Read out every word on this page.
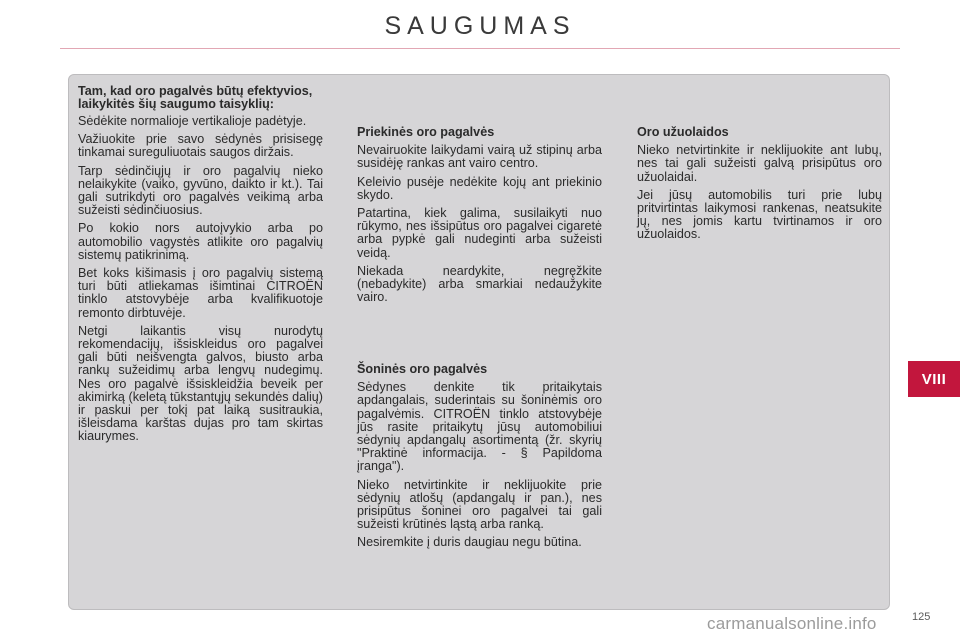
SAUGUMAS
Tam, kad oro pagalvės būtų efektyvios, laikykitės šių saugumo taisyklių:

Sėdėkite normalioje vertikalioje padėtyje.

Važiuokite prie savo sėdynės prisisegę tinkamai sureguliuotais saugos diržais.

Tarp sėdinčiųjų ir oro pagalvių nieko nelaikykite (vaiko, gyvūno, daikto ir kt.). Tai gali sutrikdyti oro pagalvės veikimą arba sužeisti sėdinčiuosius.

Po kokio nors autoįvykio arba po automobilio vagystės atlikite oro pagalvių sistemų patikrinimą.

Bet koks kišimasis į oro pagalvių sistemą turi būti atliekamas išimtinai CITROËN tinklo atstovybėje arba kvalifikuotoje remonto dirbtuvėje.

Netgi laikantis visų nurodytų rekomendacijų, išsiskleidus oro pagalvei gali būti neišvengta galvos, biusto arba rankų sužeidimų arba lengvų nudegimų. Nes oro pagalvė išsiskleidžia beveik per akimirką (keletą tūkstantųjų sekundės dalių) ir paskui per tokį pat laiką susitraukia, išleisdama karštas dujas pro tam skirtas kiaurymes.

Priekinės oro pagalvės

Nevairuokite laikydami vairą už stipinų arba susidėję rankas ant vairo centro.

Keleivio pusėje nedėkite kojų ant priekinio skydo.

Patartina, kiek galima, susilaikyti nuo rūkymo, nes išsipūtus oro pagalvei cigaretė arba pypkė gali nudeginti arba sužeisti veidą.

Niekada neardykite, negręžkite (nebadykite) arba smarkiai nedaužykite vairo.

Šoninės oro pagalvės

Sėdynes denkite tik pritaikytais apdangalais, suderintais su šoninėmis oro pagalvėmis. CITROËN tinklo atstovybėje jūs rasite pritaikytų jūsų automobiliui sėdynių apdangalų asortimentą (žr. skyrių "Praktinė informacija. - § Papildoma įranga").

Nieko netvirtinkite ir neklijuokite prie sėdynių atlošų (apdangalų ir pan.), nes prisipūtus šoninei oro pagalvei tai gali sužeisti krūtinės ląstą arba ranką.

Nesiremkite į duris daugiau negu būtina.

Oro užuolaidos

Nieko netvirtinkite ir neklijuokite ant lubų, nes tai gali sužeisti galvą prisipūtus oro užuolaidai.

Jei jūsų automobilis turi prie lubų pritvirtintas laikymosi rankenas, neatsukite jų, nes jomis kartu tvirtinamos ir oro užuolaidos.

VIII
125
carmanualsonline.info
